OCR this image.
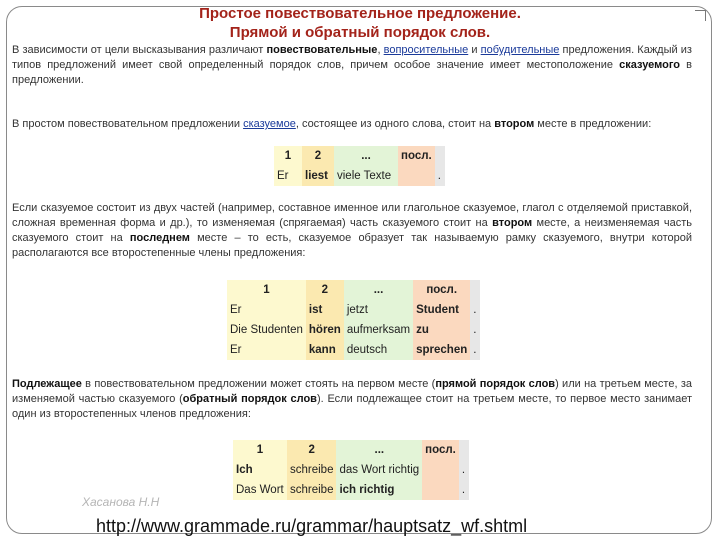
Простое повествовательное предложение.
Прямой и обратный порядок слов.
В зависимости от цели высказывания различают повествовательные, вопросительные и побудительные предложения. Каждый из типов предложений имеет свой определенный порядок слов, причем особое значение имеет местоположение сказуемого в предложении.
В простом повествовательном предложении сказуемое, состоящее из одного слова, стоит на втором месте в предложении:
1	2	...	посл.	
Er	liest	viele Texte		.
Если сказуемое состоит из двух частей (например, составное именное или глагольное сказуемое, глагол с отделяемой приставкой, сложная временная форма и др.), то изменяемая (спрягаемая) часть сказуемого стоит на втором месте, а неизменяемая часть сказуемого стоит на последнем месте – то есть, сказуемое образует так называемую рамку сказуемого, внутри которой располагаются все второстепенные члены предложения:
1	2	...	посл.	
Er	ist	jetzt	Student	.
Die Studenten	hören	aufmerksam	zu	.
Er	kann	deutsch	sprechen	.
Подлежащее в повествовательном предложении может стоять на первом месте (прямой порядок слов) или на третьем месте, за изменяемой частью сказуемого (обратный порядок слов). Если подлежащее стоит на третьем месте, то первое место занимает один из второстепенных членов предложения:
1	2	...	посл.	
Ich	schreibe	das Wort richtig		.
Das Wort	schreibe	ich richtig		.
Хасанова Н.Н
http://www.grammade.ru/grammar/hauptsatz_wf.shtml
